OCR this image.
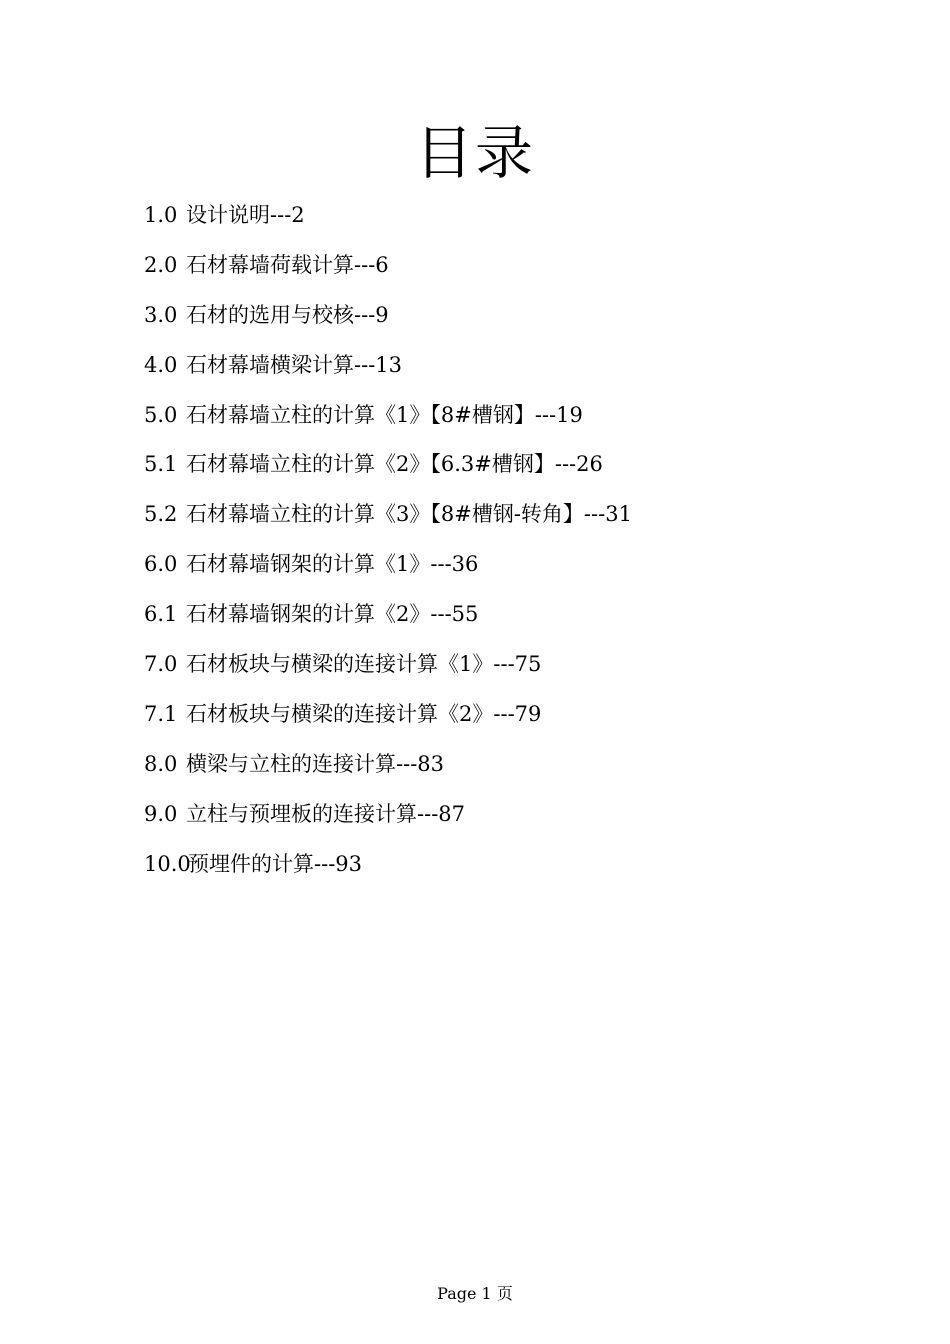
目录
1.0 设计说明---2
2.0 石材幕墙荷载计算---6
3.0 石材的选用与校核---9
4.0 石材幕墙横梁计算---13
5.0 石材幕墙立柱的计算《1》【8#槽钢】---19
5.1 石材幕墙立柱的计算《2》【6.3#槽钢】---26
5.2 石材幕墙立柱的计算《3》【8#槽钢-转角】---31
6.0 石材幕墙钢架的计算《1》---36
6.1 石材幕墙钢架的计算《2》---55
7.0 石材板块与横梁的连接计算《1》---75
7.1 石材板块与横梁的连接计算《2》---79
8.0 横梁与立柱的连接计算---83
9.0 立柱与预埋板的连接计算---87
10.0预埋件的计算---93
Page 1 页
